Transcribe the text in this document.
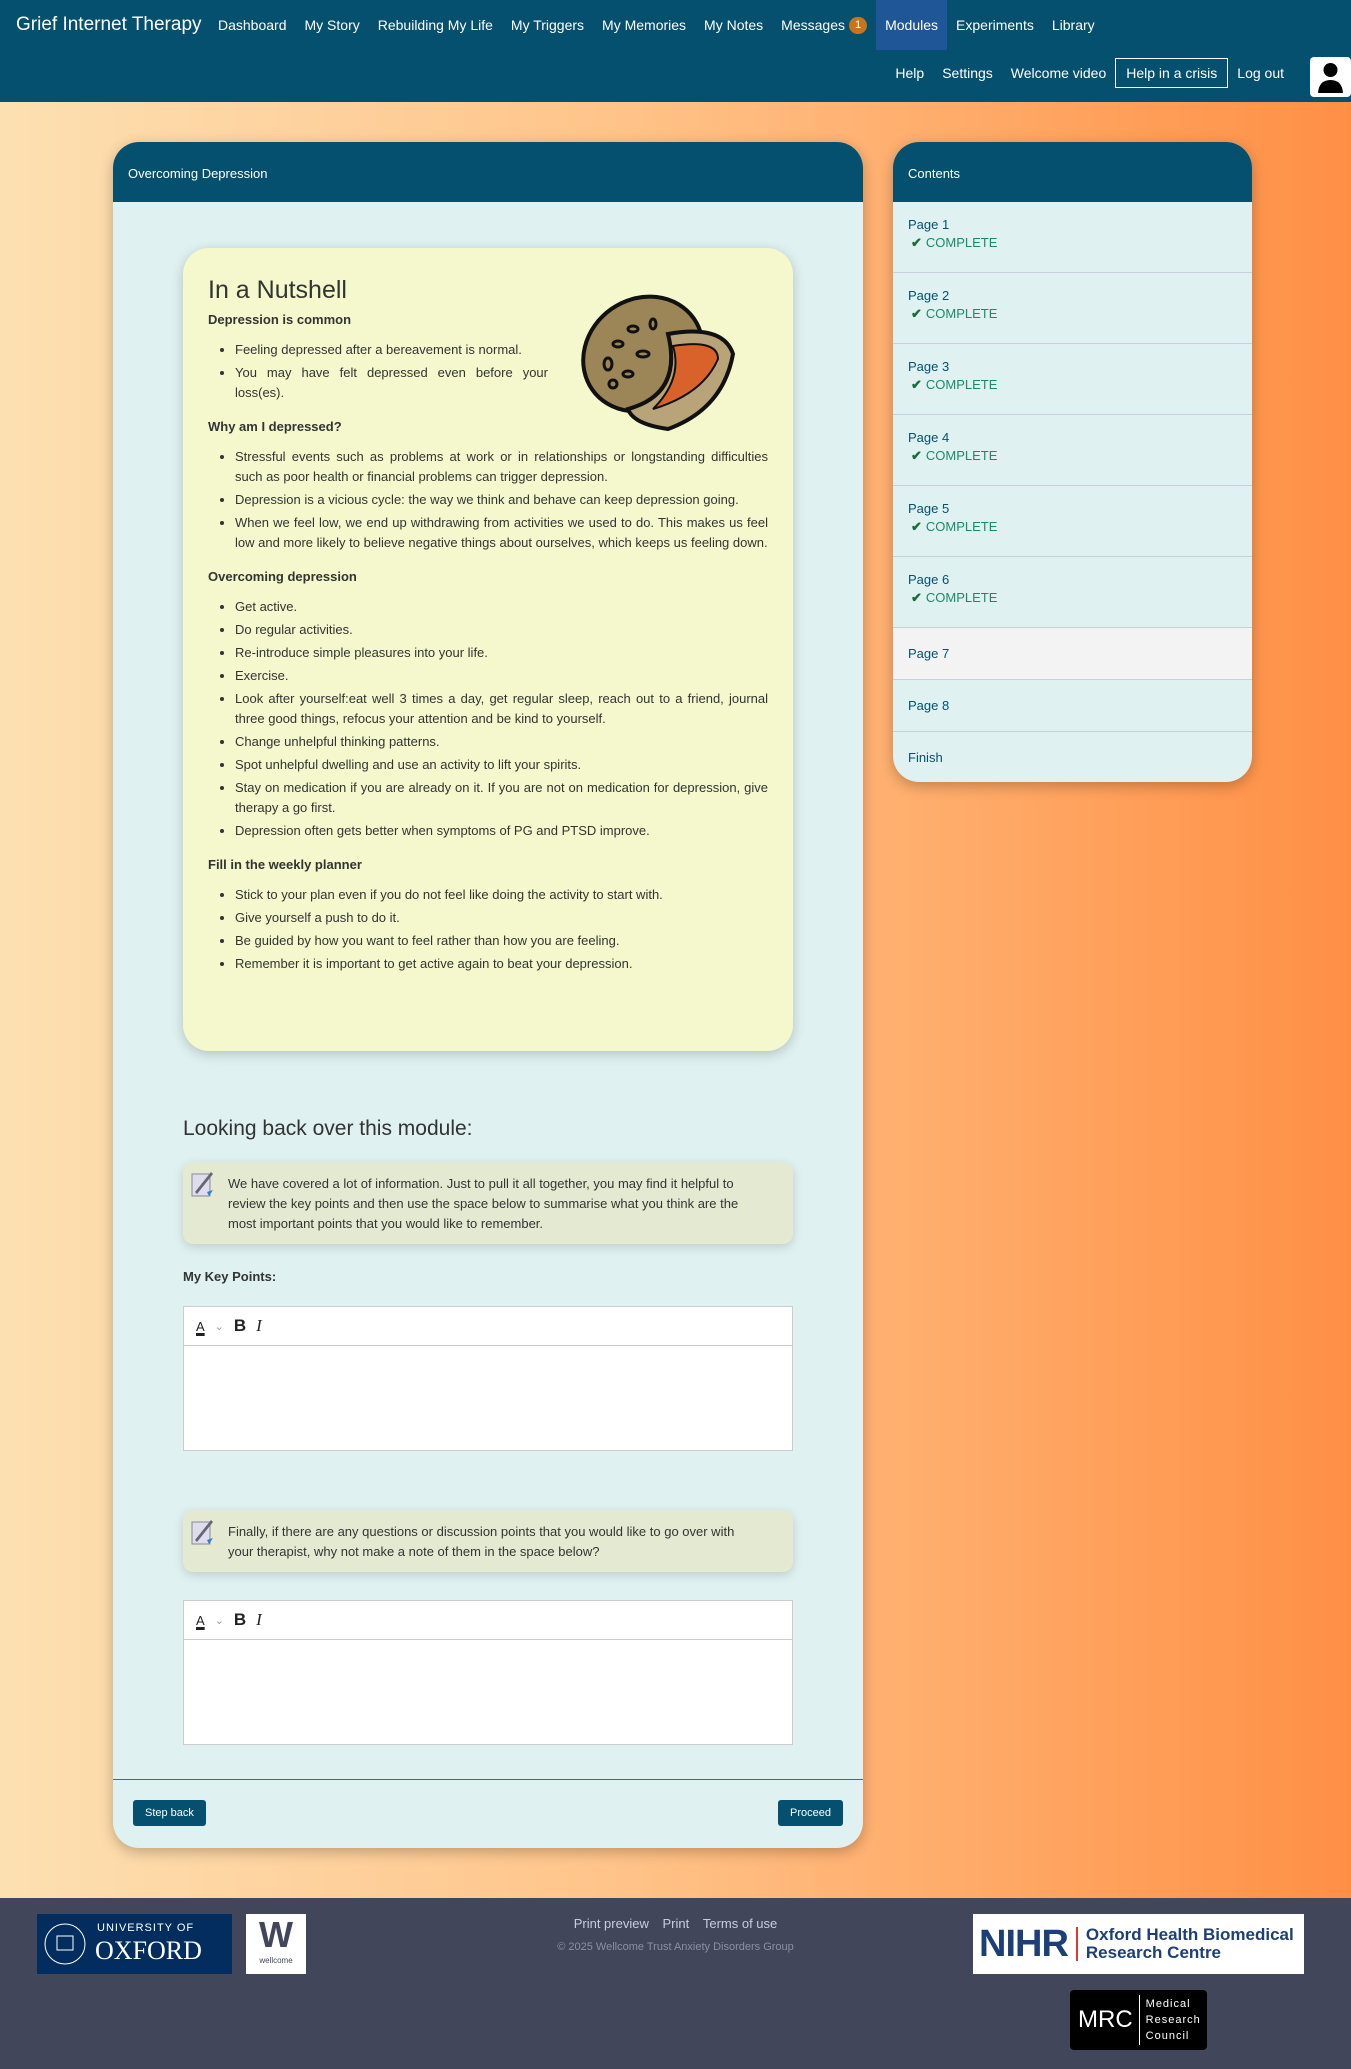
Grief Internet Therapy	Dashboard	My Story	Rebuilding My Life	My Triggers	My Memories	My Notes	Messages 1	Modules	Experiments	Library
Help	Settings	Welcome video	Help in a crisis	Log out
Overcoming Depression
In a Nutshell
Depression is common
• Feeling depressed after a bereavement is normal.
• You may have felt depressed even before your loss(es).
Why am I depressed?
• Stressful events such as problems at work or in relationships or longstanding difficulties such as poor health or financial problems can trigger depression.
• Depression is a vicious cycle: the way we think and behave can keep depression going.
• When we feel low, we end up withdrawing from activities we used to do. This makes us feel low and more likely to believe negative things about ourselves, which keeps us feeling down.
Overcoming depression
• Get active.
• Do regular activities.
• Re-introduce simple pleasures into your life.
• Exercise.
• Look after yourself:eat well 3 times a day, get regular sleep, reach out to a friend, journal three good things, refocus your attention and be kind to yourself.
• Change unhelpful thinking patterns.
• Spot unhelpful dwelling and use an activity to lift your spirits.
• Stay on medication if you are already on it. If you are not on medication for depression, give therapy a go first.
• Depression often gets better when symptoms of PG and PTSD improve.
Fill in the weekly planner
• Stick to your plan even if you do not feel like doing the activity to start with.
• Give yourself a push to do it.
• Be guided by how you want to feel rather than how you are feeling.
• Remember it is important to get active again to beat your depression.
Looking back over this module:
We have covered a lot of information. Just to pull it all together, you may find it helpful to review the key points and then use the space below to summarise what you think are the most important points that you would like to remember.
My Key Points:
A ⌄ B I
Finally, if there are any questions or discussion points that you would like to go over with your therapist, why not make a note of them in the space below?
A ⌄ B I
Step back	Proceed
Contents
Page 1
✔ COMPLETE
Page 2
✔ COMPLETE
Page 3
✔ COMPLETE
Page 4
✔ COMPLETE
Page 5
✔ COMPLETE
Page 6
✔ COMPLETE
Page 7
Page 8
Finish
UNIVERSITY OF
OXFORD	W
wellcome
Print preview Print Terms of use
© 2025 Wellcome Trust Anxiety Disorders Group	NIHR Oxford Health Biomedical
Research Centre
MRC
Medical
Research
Council
